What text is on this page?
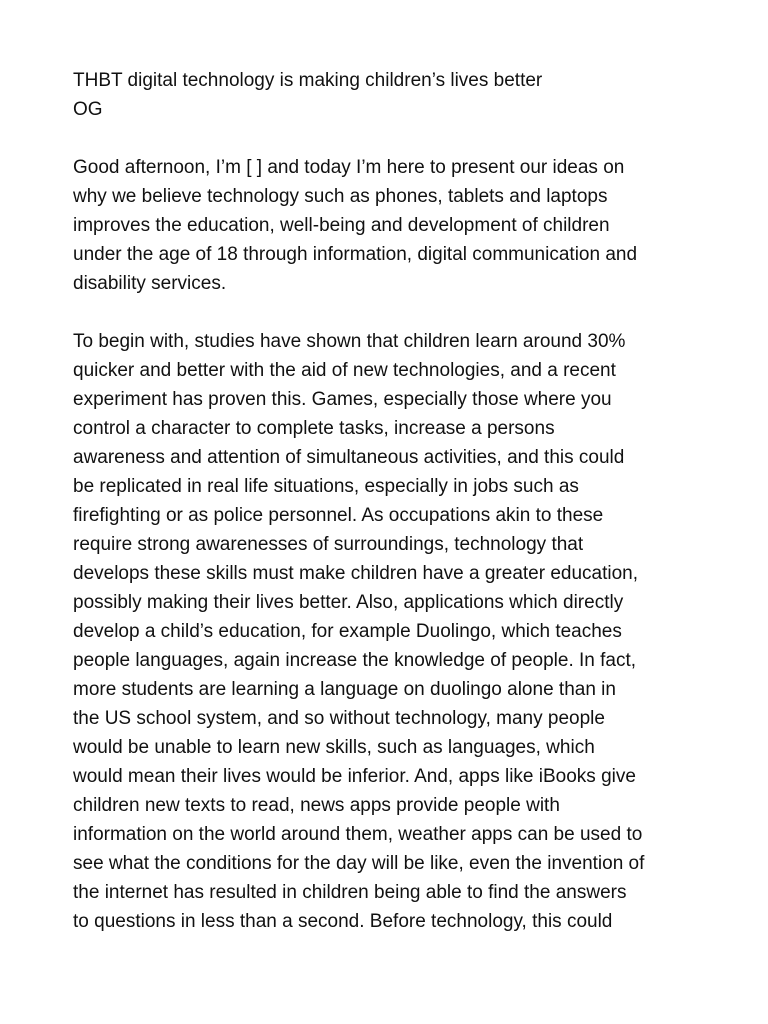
THBT digital technology is making children’s lives better
OG
Good afternoon, I’m [ ] and today I’m here to present our ideas on
why we believe technology such as phones, tablets and laptops
improves the education, well-being and development of children
under the age of 18 through information, digital communication and
disability services.
To begin with, studies have shown that children learn around 30%
quicker and better with the aid of new technologies, and a recent
experiment has proven this. Games, especially those where you
control a character to complete tasks, increase a persons
awareness and attention of simultaneous activities, and this could
be replicated in real life situations, especially in jobs such as
firefighting or as police personnel. As occupations akin to these
require strong awarenesses of surroundings, technology that
develops these skills must make children have a greater education,
possibly making their lives better. Also, applications which directly
develop a child’s education, for example Duolingo, which teaches
people languages, again increase the knowledge of people. In fact,
more students are learning a language on duolingo alone than in
the US school system, and so without technology, many people
would be unable to learn new skills, such as languages, which
would mean their lives would be inferior. And, apps like iBooks give
children new texts to read, news apps provide people with
information on the world around them, weather apps can be used to
see what the conditions for the day will be like, even the invention of
the internet has resulted in children being able to find the answers
to questions in less than a second. Before technology, this could
